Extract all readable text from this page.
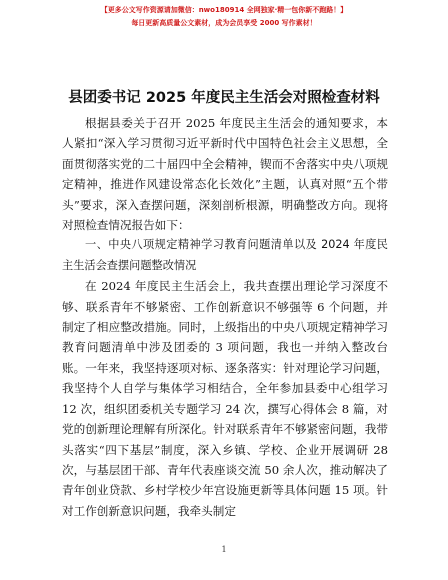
【更多公文写作资源请加微信：nwo180914 全网独家·精一包你新不跑路！】
每日更新高质量公文素材，成为会员享受 2000 写作素材！
县团委书记 2025 年度民主生活会对照检查材料

根据县委关于召开 2025 年度民主生活会的通知要求，本人紧扣“深入学习贯彻习近平新时代中国特色社会主义思想，全面贯彻落实党的二十届四中全会精神，锲而不舍落实中央八项规定精神，推进作风建设常态化长效化”主题，认真对照“五个带头”要求，深入查摆问题，深刻剖析根源，明确整改方向。现将对照检查情况报告如下：

一、中央八项规定精神学习教育问题清单以及 2024 年度民主生活会查摆问题整改情况

在 2024 年度民主生活会上，我共查摆出理论学习深度不够、联系青年不够紧密、工作创新意识不够强等 6 个问题，并制定了相应整改措施。同时，上级指出的中央八项规定精神学习教育问题清单中涉及团委的 3 项问题，我也一并纳入整改台账。一年来，我坚持逐项对标、逐条落实：针对理论学习问题，我坚持个人自学与集体学习相结合，全年参加县委中心组学习 12 次，组织团委机关专题学习 24 次，撰写心得体会 8 篇，对党的创新理论理解有所深化。针对联系青年不够紧密问题，我带头落实“四下基层”制度，深入乡镇、学校、企业开展调研 28 次，与基层团干部、青年代表座谈交流 50 余人次，推动解决了青年创业贷款、乡村学校少年宫设施更新等具体问题 15 项。针对工作创新意识问题，我牵头制定

1
